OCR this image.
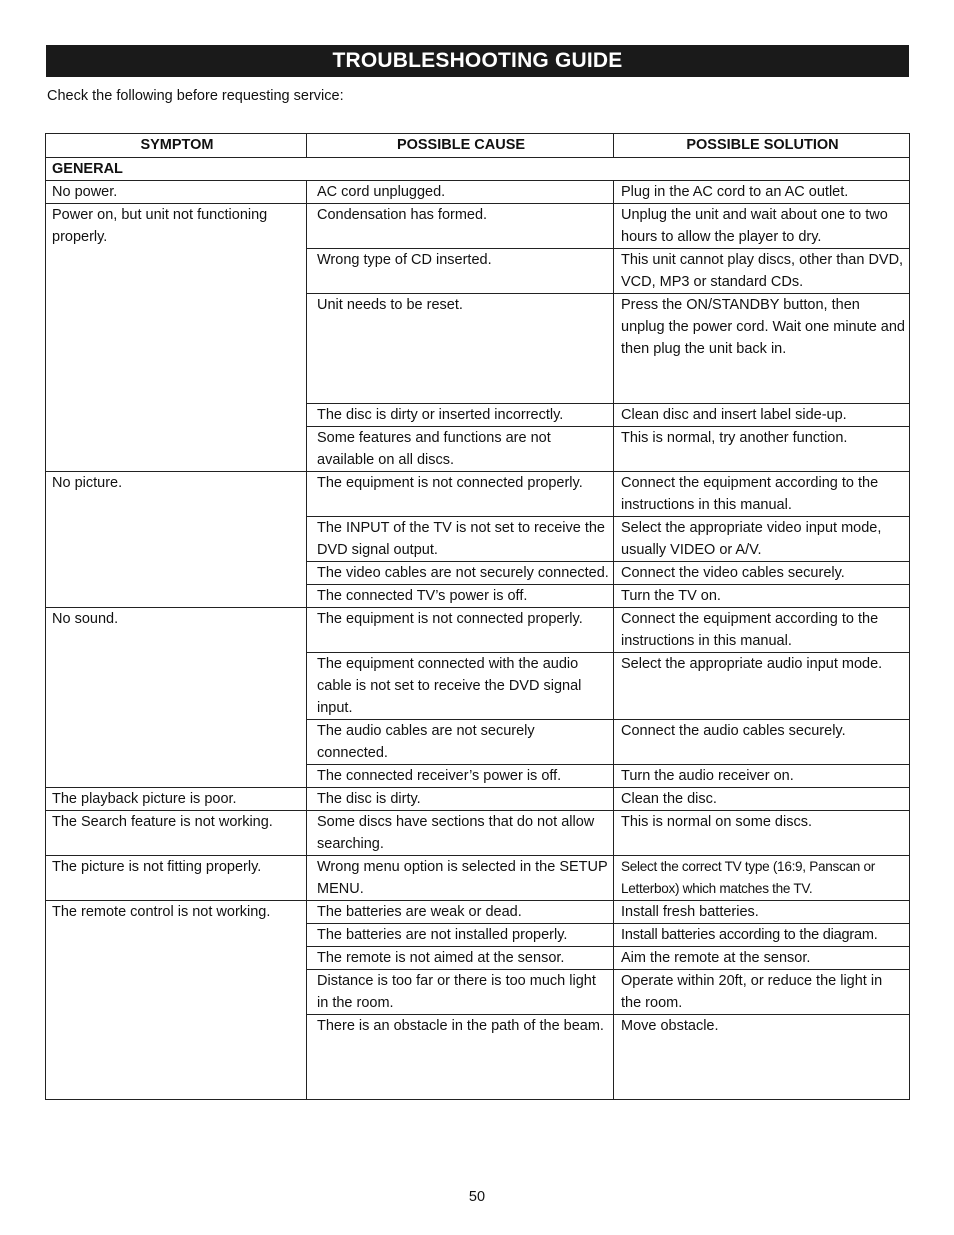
TROUBLESHOOTING GUIDE
Check the following before requesting service:
SYMPTOM	POSSIBLE CAUSE	POSSIBLE SOLUTION
GENERAL		
No power.	AC cord unplugged.	Plug in the AC cord to an AC outlet.
Power on, but unit not functioning properly.	Condensation has formed.	Unplug the unit and wait about one to two hours to allow the player to dry.
	Wrong type of CD inserted.	This unit cannot play discs, other than DVD, VCD, MP3 or standard CDs.
	Unit needs to be reset.	Press the ON/STANDBY button, then unplug the power cord. Wait one minute and then plug the unit back in.
	The disc is dirty or inserted incorrectly.	Clean disc and insert label side-up.
	Some features and functions are not available on all discs.	This is normal, try another function.
No picture.	The equipment is not connected properly.	Connect the equipment according to the instructions in this manual.
	The INPUT of the TV is not set to receive the DVD signal output.	Select the appropriate video input mode, usually VIDEO or A/V.
	The video cables are not securely connected.	Connect the video cables securely.
	The connected TV’s power is off.	Turn the TV on.
No sound.	The equipment is not connected properly.	Connect the equipment according to the instructions in this manual.
	The equipment connected with the audio cable is not set to receive the DVD signal input.	Select the appropriate audio input mode.
	The audio cables are not securely connected.	Connect the audio cables securely.
	The connected receiver’s power is off.	Turn the audio receiver on.
The playback picture is poor.	The disc is dirty.	Clean the disc.
The Search feature is not working.	Some discs have sections that do not allow searching.	This is normal on some discs.
The picture is not fitting properly.	Wrong menu option is selected in the SETUP MENU.	Select the correct TV type (16:9, Panscan or Letterbox) which matches the TV.
The remote control is not working.	The batteries are weak or dead.	Install fresh batteries.
	The batteries are not installed properly.	Install batteries according to the diagram.
	The remote is not aimed at the sensor.	Aim the remote at the sensor.
	Distance is too far or there is too much light in the room.	Operate within 20ft, or reduce the light in the room.
	There is an obstacle in the path of the beam.	Move obstacle.
50
